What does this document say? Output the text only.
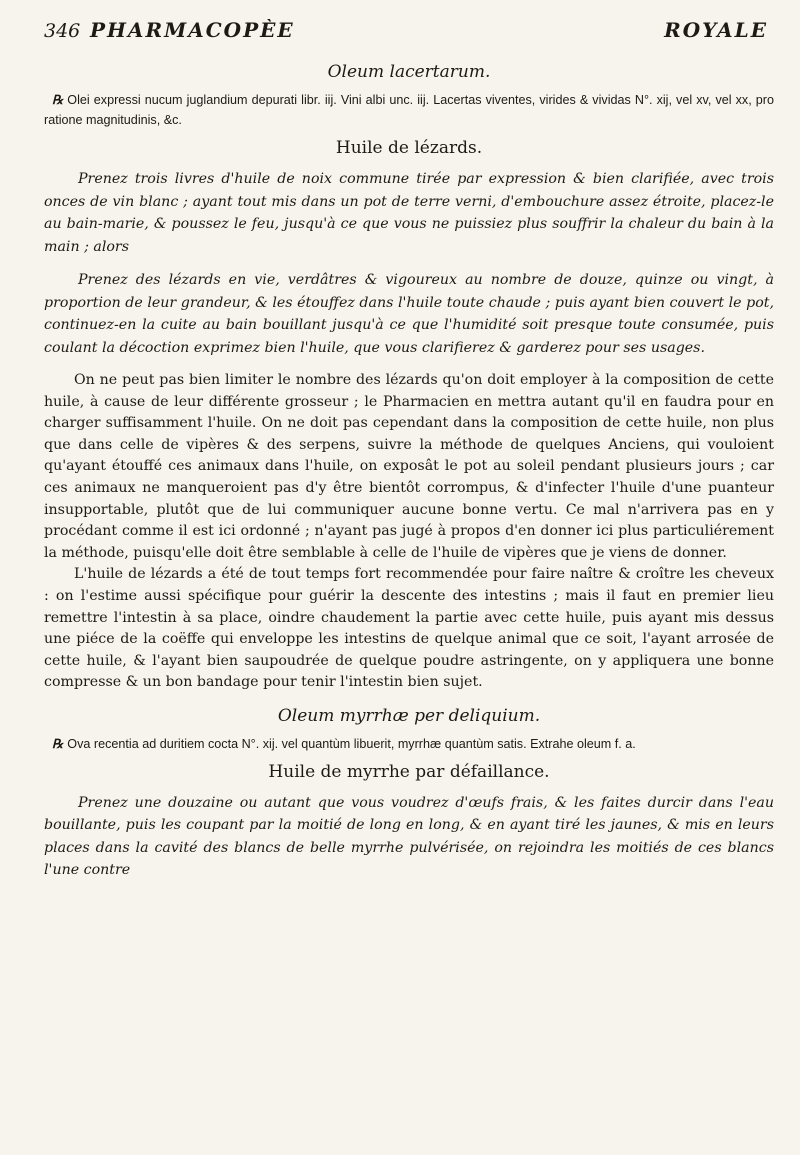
346 PHARMACOPÈE	ROYALE
Oleum lacertarum.

℞ Olei expressi nucum juglandium depurati libr. iij. Vini albi unc. iij. Lacertas viventes, virides & vividas N°. xij, vel xv, vel xx, pro ratione magnitudinis, &c.

Huile de lézards.

Prenez trois livres d'huile de noix commune tirée par expression & bien clarifiée, avec trois onces de vin blanc ; ayant tout mis dans un pot de terre verni, d'embouchure assez étroite, placez-le au bain-marie, & poussez le feu, jusqu'à ce que vous ne puissiez plus souffrir la chaleur du bain à la main ; alors

Prenez des lézards en vie, verdâtres & vigoureux au nombre de douze, quinze ou vingt, à proportion de leur grandeur, & les étouffez dans l'huile toute chaude ; puis ayant bien couvert le pot, continuez-en la cuite au bain bouillant jusqu'à ce que l'humidité soit presque toute consumée, puis coulant la décoction exprimez bien l'huile, que vous clarifierez & garderez pour ses usages.

On ne peut pas bien limiter le nombre des lézards qu'on doit employer à la composition de cette huile, à cause de leur différente grosseur ; le Pharmacien en mettra autant qu'il en faudra pour en charger suffisamment l'huile. On ne doit pas cependant dans la composition de cette huile, non plus que dans celle de vipères & des serpens, suivre la méthode de quelques Anciens, qui vouloient qu'ayant étouffé ces animaux dans l'huile, on exposât le pot au soleil pendant plusieurs jours ; car ces animaux ne manqueroient pas d'y être bientôt corrompus, & d'infecter l'huile d'une puanteur insupportable, plutôt que de lui communiquer aucune bonne vertu. Ce mal n'arrivera pas en y procédant comme il est ici ordonné ; n'ayant pas jugé à propos d'en donner ici plus particuliérement la méthode, puisqu'elle doit être semblable à celle de l'huile de vipères que je viens de donner.

L'huile de lézards a été de tout temps fort recommendée pour faire naître & croître les cheveux : on l'estime aussi spécifique pour guérir la descente des intestins ; mais il faut en premier lieu remettre l'intestin à sa place, oindre chaudement la partie avec cette huile, puis ayant mis dessus une piéce de la coëffe qui enveloppe les intestins de quelque animal que ce soit, l'ayant arrosée de cette huile, & l'ayant bien saupoudrée de quelque poudre astringente, on y appliquera une bonne compresse & un bon bandage pour tenir l'intestin bien sujet.

Oleum myrrhæ per deliquium.

℞ Ova recentia ad duritiem cocta N°. xij. vel quantùm libuerit, myrrhæ quantùm satis. Extrahe oleum f. a.

Huile de myrrhe par défaillance.

Prenez une douzaine ou autant que vous voudrez d'œufs frais, & les faites durcir dans l'eau bouillante, puis les coupant par la moitié de long en long, & en ayant tiré les jaunes, & mis en leurs places dans la cavité des blancs de belle myrrhe pulvérisée, on rejoindra les moitiés de ces blancs l'une contre
